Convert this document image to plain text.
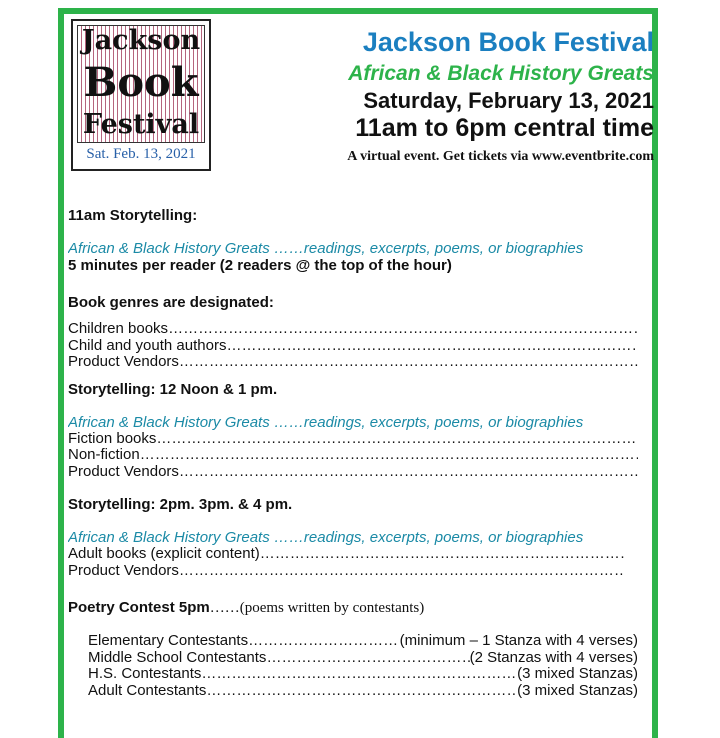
Jackson
Book
Festival
Sat. Feb. 13, 2021
Jackson Book Festival
African & Black History Greats
Saturday, February 13, 2021
11am to 6pm central time
A virtual event. Get tickets via www.eventbrite.com
11am Storytelling:
African & Black History Greats ……readings, excerpts, poems, or biographies
5 minutes per reader (2 readers @ the top of the hour)
Book genres are designated:
Children books
…………………………………………………………………………………………………………………………………………………………………………
Child and youth authors
…………………………………………………………………………………………………………………………………………………………………………
Product Vendors
…………………………………………………………………………………………………………………………………………………………………………
Storytelling: 12 Noon & 1 pm.
African & Black History Greats ……readings, excerpts, poems, or biographies
Fiction books
…………………………………………………………………………………………………………………………………………………………………………
Non-fiction
…………………………………………………………………………………………………………………………………………………………………………
Product Vendors
…………………………………………………………………………………………………………………………………………………………………………
Storytelling: 2pm. 3pm. & 4 pm.
African & Black History Greats ……readings, excerpts, poems, or biographies
Adult books (explicit content)
…………………………………………………………………………………………………………………………………………………………………………
Product Vendors
…………………………………………………………………………………………………………………………………………………………………………
Poetry Contest 5pm……(poems written by contestants)
Elementary Contestants …………………………………………………………………………………………………………………………………………………………………………	(minimum – 1 Stanza with 4 verses)
Middle School Contestants …………………………………………………………………………………………………………………………………………………………………………	(2 Stanzas with 4 verses)
H.S. Contestants …………………………………………………………………………………………………………………………………………………………………………	(3 mixed Stanzas)
Adult Contestants …………………………………………………………………………………………………………………………………………………………………………	(3 mixed Stanzas)
